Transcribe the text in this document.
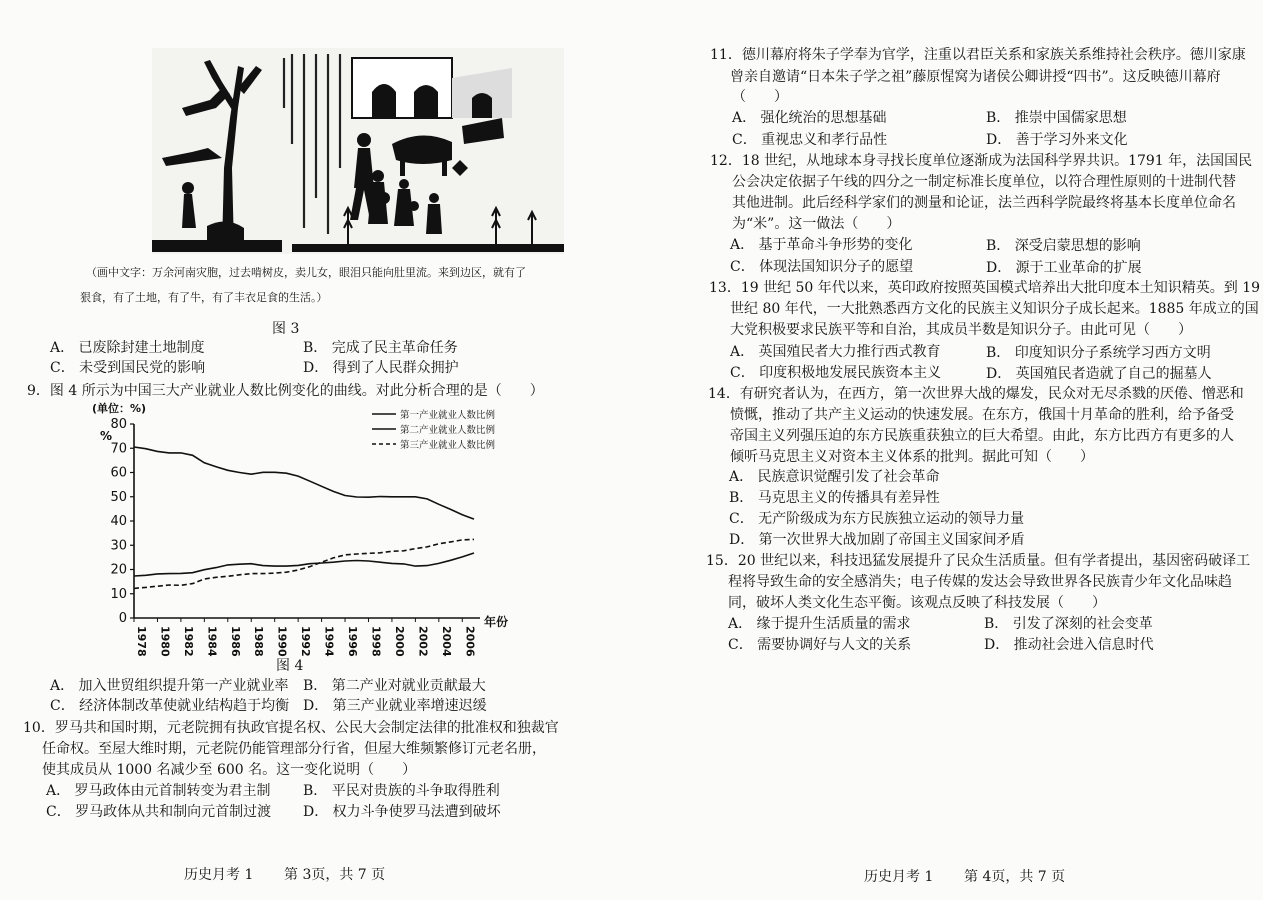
（画中文字：万余河南灾胞，过去啃树皮，卖儿女，眼泪只能向肚里流。来到边区，就有了
狠食，有了土地，有了牛，有了丰衣足食的生活。）
图 3
A． 已废除封建土地制度	B． 完成了民主革命任务
C． 未受到国民党的影响	D． 得到了人民群众拥护
9．图 4 所示为中国三大产业就业人数比例变化的曲线。对此分析合理的是（　　）
0
10
20
30
40
50
60
70
80
1978 1980 1982 1984 1986 1988 1990 1992 1994 1996 1998 2000 2002 2004 2006
年份
(单位：%)
%
第一产业就业人数比例
第二产业就业人数比例
第三产业就业人数比例
图 4
A． 加入世贸组织提升第一产业就业率 B． 第二产业对就业贡献最大
C． 经济体制改革使就业结构趋于均衡 D． 第三产业就业率增速迟缓
10．罗马共和国时期，元老院拥有执政官提名权、公民大会制定法律的批准权和独裁官
任命权。至屋大维时期，元老院仍能管理部分行省，但屋大维频繁修订元老名册，
使其成员从 1000 名减少至 600 名。这一变化说明（　　）
A． 罗马政体由元首制转变为君主制 B． 平民对贵族的斗争取得胜利
C． 罗马政体从共和制向元首制过渡 D． 权力斗争使罗马法遭到破坏
历史月考 1 第 3页，共 7 页
11．德川幕府将朱子学奉为官学，注重以君臣关系和家族关系维持社会秩序。德川家康
曾亲自邀请“日本朱子学之祖”藤原惺窝为诸侯公卿讲授“四书”。这反映德川幕府
（　　）
A． 强化统治的思想基础	B． 推崇中国儒家思想
C． 重视忠义和孝行品性	D． 善于学习外来文化
12．18 世纪，从地球本身寻找长度单位逐渐成为法国科学界共识。1791 年，法国国民
公会决定依据子午线的四分之一制定标准长度单位，以符合理性原则的十进制代替
其他进制。此后经科学家们的测量和论证，法兰西科学院最终将基本长度单位命名
为“米”。这一做法（　　）
A． 基于革命斗争形势的变化	B． 深受启蒙思想的影响
C． 体现法国知识分子的愿望	D． 源于工业革命的扩展
13．19 世纪 50 年代以来，英印政府按照英国模式培养出大批印度本土知识精英。到 19
世纪 80 年代，一大批熟悉西方文化的民族主义知识分子成长起来。1885 年成立的国
大党积极要求民族平等和自治，其成员半数是知识分子。由此可见（　　）
A． 英国殖民者大力推行西式教育	B． 印度知识分子系统学习西方文明
C． 印度积极地发展民族资本主义	D． 英国殖民者造就了自己的掘墓人
14．有研究者认为，在西方，第一次世界大战的爆发，民众对无尽杀戮的厌倦、憎恶和
愤慨，推动了共产主义运动的快速发展。在东方，俄国十月革命的胜利，给予备受
帝国主义列强压迫的东方民族重获独立的巨大希望。由此，东方比西方有更多的人
倾听马克思主义对资本主义体系的批判。据此可知（　　）
A． 民族意识觉醒引发了社会革命
B． 马克思主义的传播具有差异性
C． 无产阶级成为东方民族独立运动的领导力量
D． 第一次世界大战加剧了帝国主义国家间矛盾
15．20 世纪以来，科技迅猛发展提升了民众生活质量。但有学者提出，基因密码破译工
程将导致生命的安全感消失；电子传媒的发达会导致世界各民族青少年文化品味趋
同，破坏人类文化生态平衡。该观点反映了科技发展（　　）
A． 缘于提升生活质量的需求	B． 引发了深刻的社会变革
C． 需要协调好与人文的关系	D． 推动社会进入信息时代
历史月考 1 第 4页，共 7 页
